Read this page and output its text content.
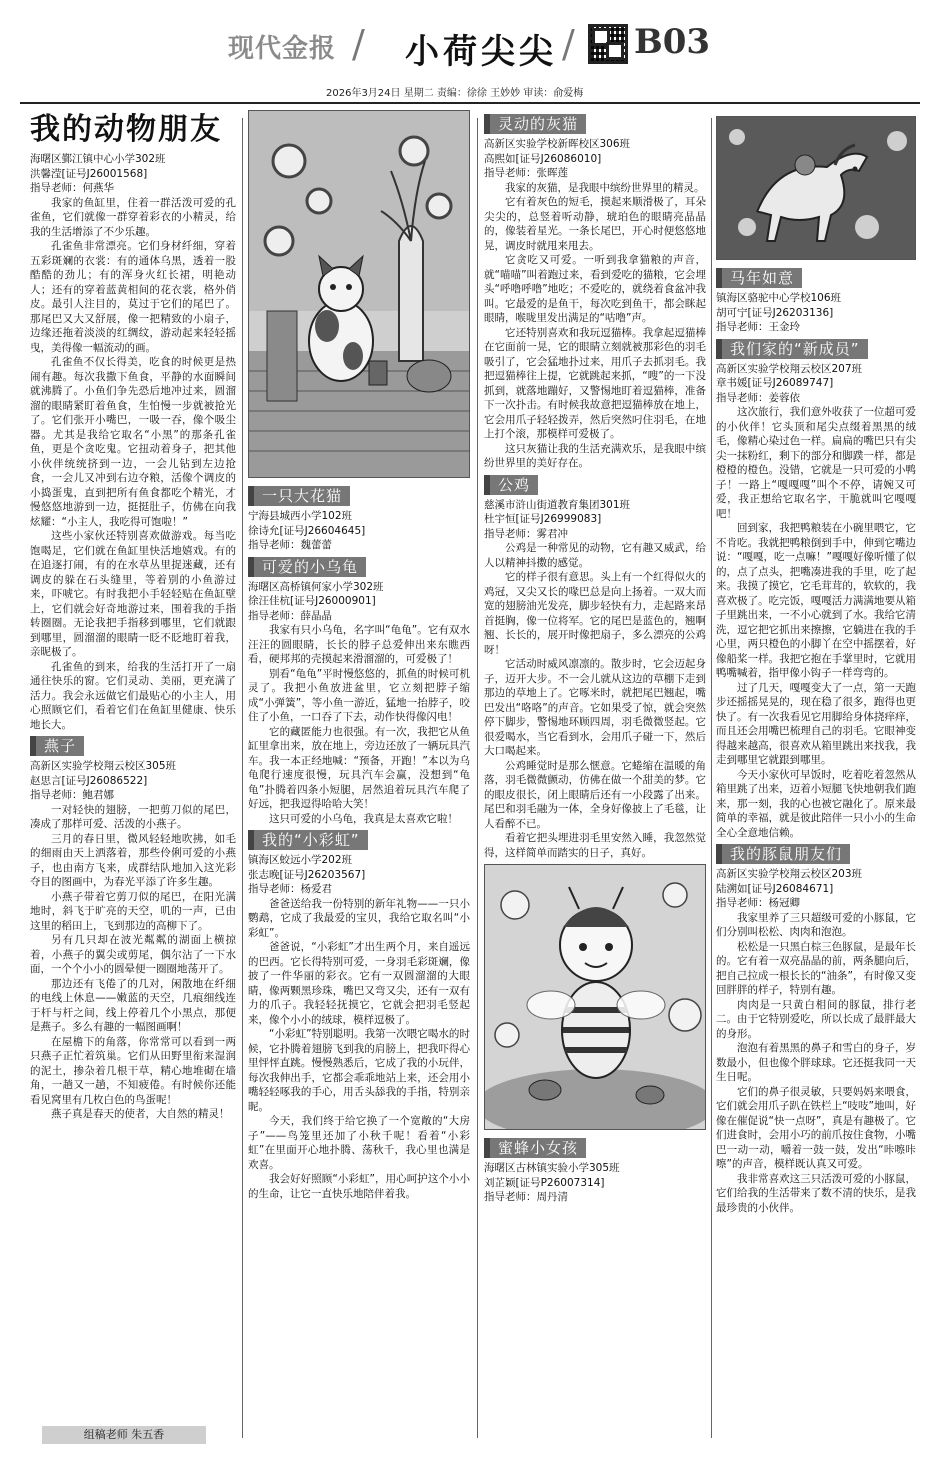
现代金报 / 小荷尖尖 / B03
2026年3月24日 星期二 责编：徐徐 王妙妙 审读：俞爱梅
我的动物朋友
海曙区鄞江镇中心小学302班
洪馨滢[证号J26001568]
指导老师：何燕华

我家的鱼缸里，住着一群活泼可爱的孔雀鱼，它们就像一群穿着彩衣的小精灵，给我的生活增添了不少乐趣。

孔雀鱼非常漂亮。它们身材纤细，穿着五彩斑斓的衣裳：有的通体乌黑，透着一股酷酷的劲儿；有的浑身火红长裙，明艳动人；还有的穿着蓝黄相间的花衣裳，格外俏皮。最引人注目的，莫过于它们的尾巴了。那尾巴又大又舒展，像一把精致的小扇子，边缘还拖着淡淡的红绸纹，游动起来轻轻摇曳，美得像一幅流动的画。

孔雀鱼不仅长得美，吃食的时候更是热闹有趣。每次我撒下鱼食，平静的水面瞬间就沸腾了。小鱼们争先恐后地冲过来，圆溜溜的眼睛紧盯着鱼食，生怕慢一步就被抢光了。它们张开小嘴巴，一吸一吞，像个吸尘器。尤其是我给它取名“小黑”的那条孔雀鱼，更是个贪吃鬼。它扭动着身子，把其他小伙伴统统挤到一边，一会儿钻到左边抢食，一会儿又冲到右边夺粮，活像个调皮的小捣蛋鬼，直到把所有鱼食都吃个精光，才慢悠悠地游到一边，挺挺肚子，仿佛在向我炫耀：“小主人，我吃得可饱啦！”

这些小家伙还特别喜欢做游戏。每当吃饱喝足，它们就在鱼缸里快活地嬉戏。有的在追逐打闹，有的在水草丛里捉迷藏，还有调皮的躲在石头缝里，等着别的小鱼游过来，吓唬它。有时我把小手轻轻贴在鱼缸壁上，它们就会好奇地游过来，围着我的手指转圈圈。无论我把手指移到哪里，它们就跟到哪里，圆溜溜的眼睛一眨不眨地盯着我，亲昵极了。

孔雀鱼的到来，给我的生活打开了一扇通往快乐的窗。它们灵动、美丽，更充满了活力。我会永远做它们最贴心的小主人，用心照顾它们，看着它们在鱼缸里健康、快乐地长大。

燕子
高新区实验学校翔云校区305班
赵思言[证号J26086522]
指导老师：鲍君娜

一对轻快的翅膀，一把剪刀似的尾巴，凑成了那样可爱、活泼的小燕子。

三月的春日里，微风轻轻地吹拂，如毛的细雨由天上洒落着，那些伶俐可爱的小燕子，也由南方飞来，成群结队地加入这光彩夺目的图画中，为春光平添了许多生趣。

小燕子带着它剪刀似的尾巴，在阳光满地时，斜飞于旷亮的天空，叽的一声，已由这里的稻田上，飞到那边的高柳下了。

另有几只却在波光粼粼的湖面上横掠着，小燕子的翼尖或剪尾，偶尔沾了一下水面，一个个小小的圆晕便一圈圈地荡开了。

那边还有飞倦了的几对，闲散地在纤细的电线上休息——嫩蓝的天空，几痕细线连于杆与杆之间，线上停着几个小黑点，那便是燕子。多么有趣的一幅图画啊！

在屋檐下的角落，你常常可以看到一两只燕子正忙着筑巢。它们从田野里衔来湿润的泥土，掺杂着几根干草，精心地堆砌在墙角，一趟又一趟，不知疲倦。有时候你还能看见窝里有几枚白色的鸟蛋呢！

燕子真是春天的使者，大自然的精灵！

一只大花猫
宁海县城西小学102班
徐诗允[证号J26604645]
指导老师：魏蕾蕾
可爱的小乌龟
海曙区高桥镇何家小学302班
徐汪佳杭[证号J26000901]
指导老师：薛晶晶

我家有只小乌龟，名字叫“龟龟”。它有双水汪汪的圆眼睛，长长的脖子总爱伸出来东瞧西看，硬邦邦的壳摸起来滑溜溜的，可爱极了！

别看“龟龟”平时慢悠悠的，抓鱼的时候可机灵了。我把小鱼放进盆里，它立刻把脖子缩成“小弹簧”，等小鱼一游近，猛地一抬脖子，咬住了小鱼，一口吞了下去，动作快得像闪电！

它的藏匿能力也很强。有一次，我把它从鱼缸里拿出来，放在地上，旁边还放了一辆玩具汽车。我一本正经地喊：“预备，开跑！”本以为乌龟爬行速度很慢，玩具汽车会赢，没想到“龟龟”扑腾着四条小短腿，居然追着玩具汽车爬了好远，把我逗得哈哈大笑！

这只可爱的小乌龟，我真是太喜欢它啦！

我的“小彩虹”
镇海区蛟远小学202班
张志晚[证号J26203567]
指导老师：杨爱君

爸爸送给我一份特别的新年礼物——一只小鹦鹉，它成了我最爱的宝贝，我给它取名叫“小彩虹”。

爸爸说，“小彩虹”才出生两个月，来自遥远的巴西。它长得特别可爱，一身羽毛彩斑斓，像披了一件华丽的彩衣。它有一双圆溜溜的大眼睛，像两颗黑珍珠，嘴巴又弯又尖，还有一双有力的爪子。我轻轻抚摸它，它就会把羽毛竖起来，像个小小的绒球，模样逗极了。

“小彩虹”特别聪明。我第一次喂它喝水的时候，它扑腾着翅膀飞到我的肩膀上，把我吓得心里怦怦直跳。慢慢熟悉后，它成了我的小玩伴，每次我伸出手，它都会乖乖地站上来，还会用小嘴轻轻啄我的手心，用舌头舔我的手指，特别亲昵。

今天，我们终于给它换了一个宽敞的“大房子”——鸟笼里还加了小秋千呢！看着“小彩虹”在里面开心地扑腾、荡秋千，我心里也满是欢喜。

我会好好照顾“小彩虹”，用心呵护这个小小的生命，让它一直快乐地陪伴着我。

灵动的灰猫
高新区实验学校新晖校区306班
高熙如[证号J26086010]
指导老师：张晖莲

我家的灰猫，是我眼中缤纷世界里的精灵。

它有着灰色的短毛，摸起来顺滑极了，耳朵尖尖的，总竖着听动静，琥珀色的眼睛亮晶晶的，像装着星光。一条长尾巴，开心时便悠悠地晃，调皮时就甩来甩去。

它贪吃又可爱。一听到我拿猫粮的声音，就“喵喵”叫着跑过来，看到爱吃的猫粮，它会埋头“呼噜呼噜”地吃；不爱吃的，就绕着食盆冲我叫。它最爱的是鱼干，每次吃到鱼干，都会眯起眼睛，喉咙里发出满足的“咕噜”声。

它还特别喜欢和我玩逗猫棒。我拿起逗猫棒在它面前一晃，它的眼睛立刻就被那彩色的羽毛吸引了，它会猛地扑过来，用爪子去抓羽毛。我把逗猫棒往上提，它就跳起来抓，“嗖”的一下没抓到，就落地蹦好，又警惕地盯着逗猫棒，准备下一次扑击。有时候我故意把逗猫棒放在地上，它会用爪子轻轻拨弄，然后突然叼住羽毛，在地上打个滚，那模样可爱极了。

这只灰猫让我的生活充满欢乐，是我眼中缤纷世界里的美好存在。

公鸡
慈溪市浒山街道教育集团301班
杜宇恒[证号J26999083]
指导老师：雾君冲

公鸡是一种常见的动物，它有趣又威武，给人以精神抖擞的感觉。

它的样子很有意思。头上有一个红得似火的鸡冠，又尖又长的喙巴总是向上扬着。一双大而宽的翅膀油光发亮，脚步轻快有力，走起路来昂首挺胸，像一位将军。它的尾巴是蓝色的，翘啊翘、长长的，展开时像把扇子，多么漂亮的公鸡呀！

它活动时威风凛凛的。散步时，它会迈起身子，迈开大步。不一会儿就从这边的草棚下走到那边的草地上了。它啄米时，就把尾巴翘起，嘴巴发出“咯咯”的声音。它如果受了惊，就会突然停下脚步，警惕地环顾四周，羽毛微微竖起。它很爱喝水，当它看到水，会用爪子碰一下，然后大口喝起来。

公鸡睡觉时是那么惬意。它蜷缩在温暖的角落，羽毛微微颤动，仿佛在做一个甜美的梦。它的眼皮很长，闭上眼睛后还有一小段露了出来。尾巴和羽毛融为一体，全身好像披上了毛毯，让人看醉不已。

看着它把头埋进羽毛里安然入睡，我忽然觉得，这样简单而踏实的日子，真好。

蜜蜂小女孩
海曙区古林镇实验小学305班
刘芷颖[证号P26007314]
指导老师：周丹清
马年如意
镇海区骆驼中心学校106班
胡可宁[证号J26203136]
指导老师：王金玲
我们家的“新成员”
高新区实验学校翔云校区207班
章书媛[证号J26089747]
指导老师：姜蓉依

这次旅行，我们意外收获了一位超可爱的小伙伴！它头顶和尾尖点缀着黑黑的绒毛，像精心染过色一样。扁扁的嘴巴只有尖尖一抹粉红，剩下的部分和脚蹼一样，都是橙橙的橙色。没错，它就是一只可爱的小鸭子！一路上“嘎嘎嘎”叫个不停，请婉又可爱，我正想给它取名字，干脆就叫它嘎嘎吧！

回到家，我把鸭粮装在小碗里喂它，它不肯吃。我就把鸭粮倒到手中，伸到它嘴边说：“嘎嘎，吃一点嘛！”嘎嘎好像听懂了似的，点了点头，把嘴凑进我的手里，吃了起来。我摸了摸它，它毛茸茸的，软软的，我喜欢极了。吃完饭，嘎嘎活力满满地要从箱子里跳出来，一不小心就到了水。我给它清洗，逗它把它抓出来擦擦，它躺进在我的手心里，两只橙色的小脚丫在空中摇摆着，好像船桨一样。我把它抱在手掌里时，它就用鸭嘴喊着，指甲像小钩子一样弯弯的。

过了几天，嘎嘎变大了一点，第一天跑步还摇摇晃晃的，现在稳了很多，跑得也更快了。有一次我看见它用脚给身体挠痒痒，而且还会用嘴巴梳理自己的羽毛。它眼神变得越来越高，很喜欢从箱里跳出来找我，我走到哪里它就跟到哪里。

今天小家伙可早饭时，吃着吃着忽然从箱里跳了出来，迈着小短腿飞快地朝我们跑来，那一刻，我的心也被它融化了。原来最简单的幸福，就是彼此陪伴一只小小的生命全心全意地信赖。

我的豚鼠朋友们
高新区实验学校翔云校区203班
陆溯如[证号J26084671]
指导老师：杨冠卿

我家里养了三只超级可爱的小豚鼠，它们分别叫松松、肉肉和泡泡。

松松是一只黑白棕三色豚鼠，是最年长的。它有着一双亮晶晶的前，两条腿向后，把自己拉成一根长长的“油条”，有时像又变回胖胖的样子，特别有趣。

肉肉是一只黄白相间的豚鼠，排行老二。由于它特别爱吃，所以长成了最胖最大的身形。

泡泡有着黑黑的鼻子和雪白的身子，岁数最小，但也像个胖球球。它还挺我同一天生日呢。

它们的鼻子很灵敏，只要妈妈来喂食，它们就会用爪子趴在铁栏上“吱吱”地叫，好像在催促说“快一点呀”，真是有趣极了。它们进食时，会用小巧的前爪按住食物，小嘴巴一动一动，嚼着一鼓一鼓，发出“咔嚓咔嚓”的声音，模样既认真又可爱。

我非常喜欢这三只活泼可爱的小豚鼠，它们给我的生活带来了数不清的快乐，是我最珍贵的小伙伴。

组稿老师 朱五香
